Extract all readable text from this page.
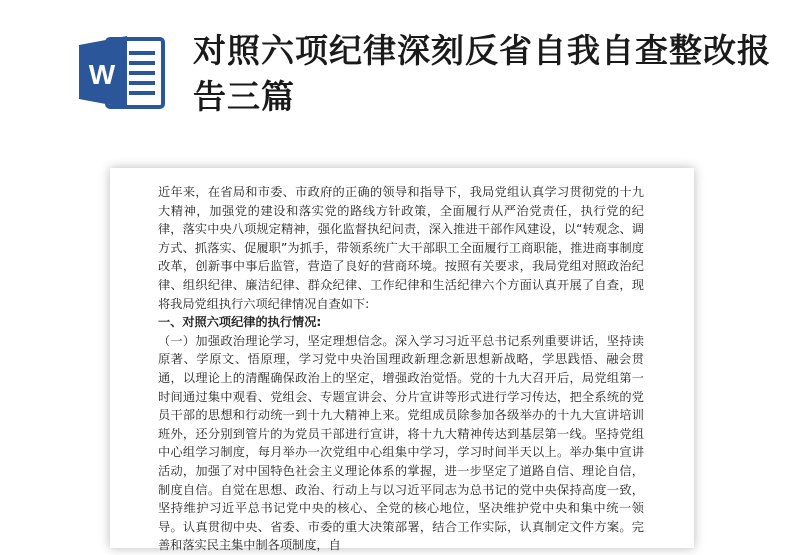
W
对照六项纪律深刻反省自我自查整改报告三篇

近年来，在省局和市委、市政府的正确的领导和指导下，我局党组认真学习贯彻党的十九大精神，加强党的建设和落实党的路线方针政策，全面履行从严治党责任，执行党的纪律，落实中央八项规定精神，强化监督执纪问责，深入推进干部作风建设，以“转观念、调方式、抓落实、促履职”为抓手，带领系统广大干部职工全面履行工商职能，推进商事制度改革，创新事中事后监管，营造了良好的营商环境。按照有关要求，我局党组对照政治纪律、组织纪律、廉洁纪律、群众纪律、工作纪律和生活纪律六个方面认真开展了自查，现将我局党组执行六项纪律情况自查如下:

一、对照六项纪律的执行情况:

（一）加强政治理论学习，坚定理想信念。深入学习习近平总书记系列重要讲话，坚持读原著、学原文、悟原理，学习党中央治国理政新理念新思想新战略，学思践悟、融会贯通，以理论上的清醒确保政治上的坚定，增强政治觉悟。党的十九大召开后，局党组第一时间通过集中观看、党组会、专题宣讲会、分片宣讲等形式进行学习传达，把全系统的党员干部的思想和行动统一到十九大精神上来。党组成员除参加各级举办的十九大宣讲培训班外，还分别到管片的为党员干部进行宣讲，将十九大精神传达到基层第一线。坚持党组中心组学习制度，每月举办一次党组中心组集中学习，学习时间半天以上。举办集中宣讲活动，加强了对中国特色社会主义理论体系的掌握，进一步坚定了道路自信、理论自信，制度自信。自觉在思想、政治、行动上与以习近平同志为总书记的党中央保持高度一致，坚持维护习近平总书记党中央的核心、全党的核心地位，坚决维护党中央和集中统一领导。认真贯彻中央、省委、市委的重大决策部署，结合工作实际，认真制定文件方案。完善和落实民主集中制各项制度，自
